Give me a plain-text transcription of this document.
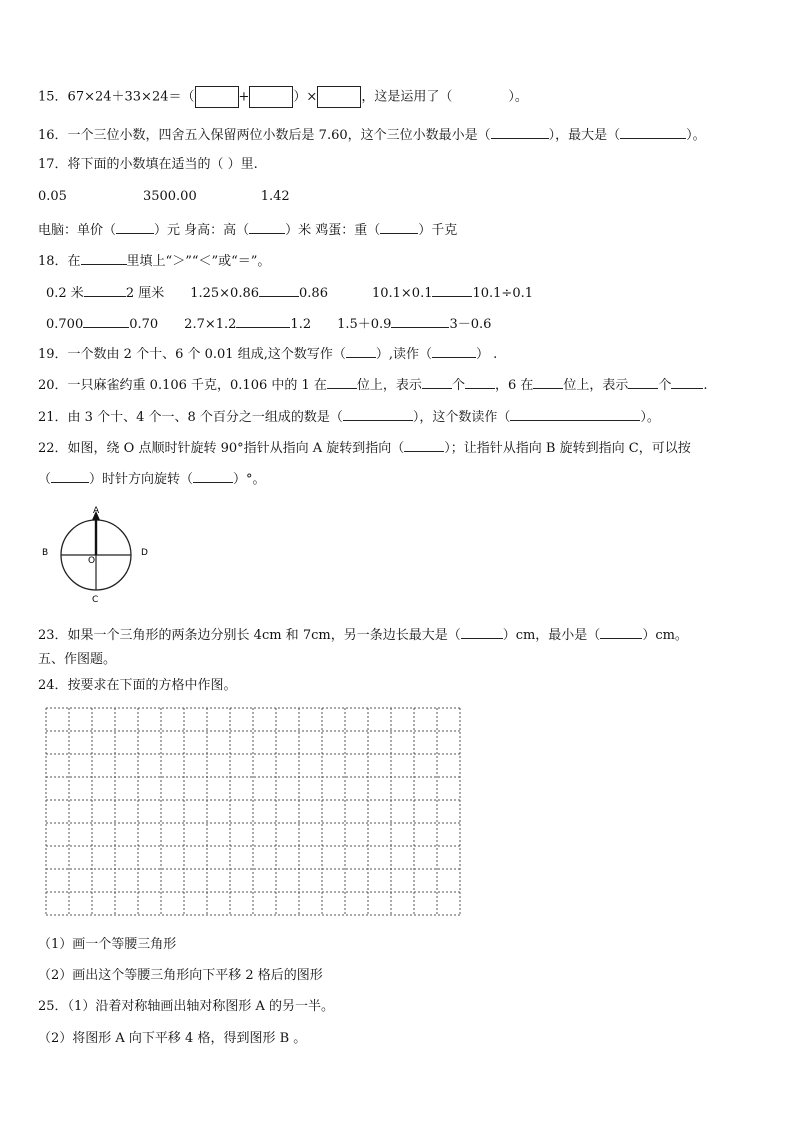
15．67×24＋33×24＝（	+	）×	，这是运用了（	）。
16．一个三位小数，四舍五入保留两位小数后是 7.60，这个三位小数最小是（	），最大是（	）。
17．将下面的小数填在适当的（ ）里.
0.05	3500.00	1.42
电脑：单价（	）元 身高：高（	）米 鸡蛋：重（	）千克
18．在	里填上“＞”“＜”或“＝”。
0.2 米	2 厘米 1.25×0.86	0.86	10.1×0.1	10.1÷0.1
0.700	0.70 2.7×1.2	1.2 1.5＋0.9	3－0.6
19．一个数由 2 个十、6 个 0.01 组成,这个数写作（ ）,读作（	） .
20．一只麻雀约重 0.106 千克，0.106 中的 1 在 位上，表示 个 ，6 在 位上，表示 个 .
21．由 3 个十、4 个一、8 个百分之一组成的数是（	），这个数读作（	）。
22．如图，绕 O 点顺时针旋转 90°指针从指向 A 旋转到指向（	）；让指针从指向 B 旋转到指向 C，可以按
（	）时针方向旋转（	）°。
A
B
C
D
O
23．如果一个三角形的两条边分别长 4cm 和 7cm，另一条边长最大是（	）cm，最小是（	）cm。
五、作图题。
24．按要求在下面的方格中作图。
（1）画一个等腰三角形
（2）画出这个等腰三角形向下平移 2 格后的图形
25．（1）沿着对称轴画出轴对称图形 A 的另一半。
（2）将图形 A 向下平移 4 格，得到图形 B 。
